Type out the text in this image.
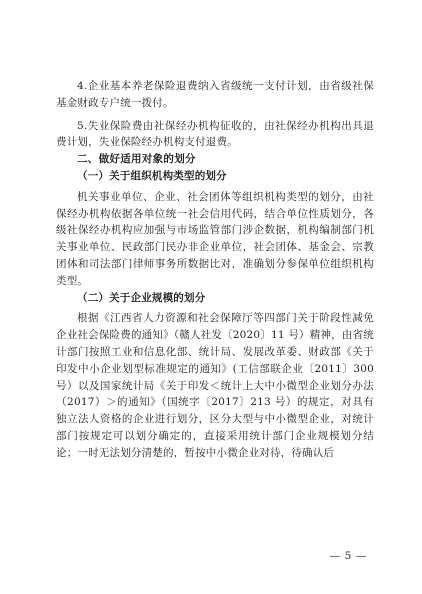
4.企业基本养老保险退费纳入省级统一支付计划，由省级社保基金财政专户统一拨付。

5.失业保险费由社保经办机构征收的，由社保经办机构出具退费计划，失业保险经办机构支付退费。

二、做好适用对象的划分

（一）关于组织机构类型的划分

机关事业单位、企业、社会团体等组织机构类型的划分，由社保经办机构依据各单位统一社会信用代码，结合单位性质划分，各级社保经办机构应加强与市场监管部门涉企数据，机构编制部门机关事业单位、民政部门民办非企业单位，社会团体、基金会、宗教团体和司法部门律师事务所数据比对，准确划分参保单位组织机构类型。

（二）关于企业规模的划分

根据《江西省人力资源和社会保障厅等四部门关于阶段性减免企业社会保险费的通知》（赣人社发〔2020〕11 号）精神，由省统计部门按照工业和信息化部、统计局、发展改革委、财政部《关于印发中小企业划型标准规定的通知》(工信部联企业〔2011〕300 号）以及国家统计局《关于印发＜统计上大中小微型企业划分办法（2017）＞的通知》（国统字〔2017〕213 号）的规定，对具有独立法人资格的企业进行划分，区分大型与中小微型企业，对统计部门按规定可以划分确定的，直接采用统计部门企业规模划分结论；一时无法划分清楚的，暂按中小微企业对待，待确认后

— 5 —
